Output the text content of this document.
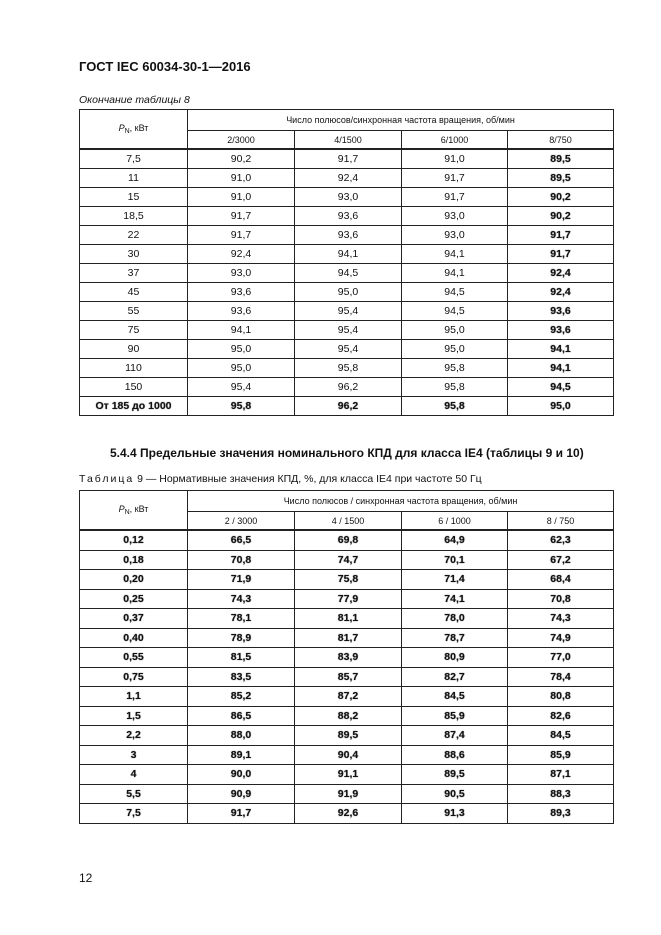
ГОСТ IEC 60034-30-1—2016
Окончание таблицы 8
$P_N$, кВт	Число полюсов/синхронная частота вращения, об/мин			
	2/3000	4/1500	6/1000	8/750
7,5	90,2	91,7	91,0	89,5
11	91,0	92,4	91,7	89,5
15	91,0	93,0	91,7	90,2
18,5	91,7	93,6	93,0	90,2
22	91,7	93,6	93,0	91,7
30	92,4	94,1	94,1	91,7
37	93,0	94,5	94,1	92,4
45	93,6	95,0	94,5	92,4
55	93,6	95,4	94,5	93,6
75	94,1	95,4	95,0	93,6
90	95,0	95,4	95,0	94,1
110	95,0	95,8	95,8	94,1
150	95,4	96,2	95,8	94,5
От 185 до 1000	95,8	96,2	95,8	95,0
5.4.4 Предельные значения номинального КПД для класса IE4 (таблицы 9 и 10)
Таблица 9 — Нормативные значения КПД, %, для класса IE4 при частоте 50 Гц
$P_N$, кВт	Число полюсов / синхронная частота вращения, об/мин			
	2 / 3000	4 / 1500	6 / 1000	8 / 750
0,12	66,5	69,8	64,9	62,3
0,18	70,8	74,7	70,1	67,2
0,20	71,9	75,8	71,4	68,4
0,25	74,3	77,9	74,1	70,8
0,37	78,1	81,1	78,0	74,3
0,40	78,9	81,7	78,7	74,9
0,55	81,5	83,9	80,9	77,0
0,75	83,5	85,7	82,7	78,4
1,1	85,2	87,2	84,5	80,8
1,5	86,5	88,2	85,9	82,6
2,2	88,0	89,5	87,4	84,5
3	89,1	90,4	88,6	85,9
4	90,0	91,1	89,5	87,1
5,5	90,9	91,9	90,5	88,3
7,5	91,7	92,6	91,3	89,3
12
